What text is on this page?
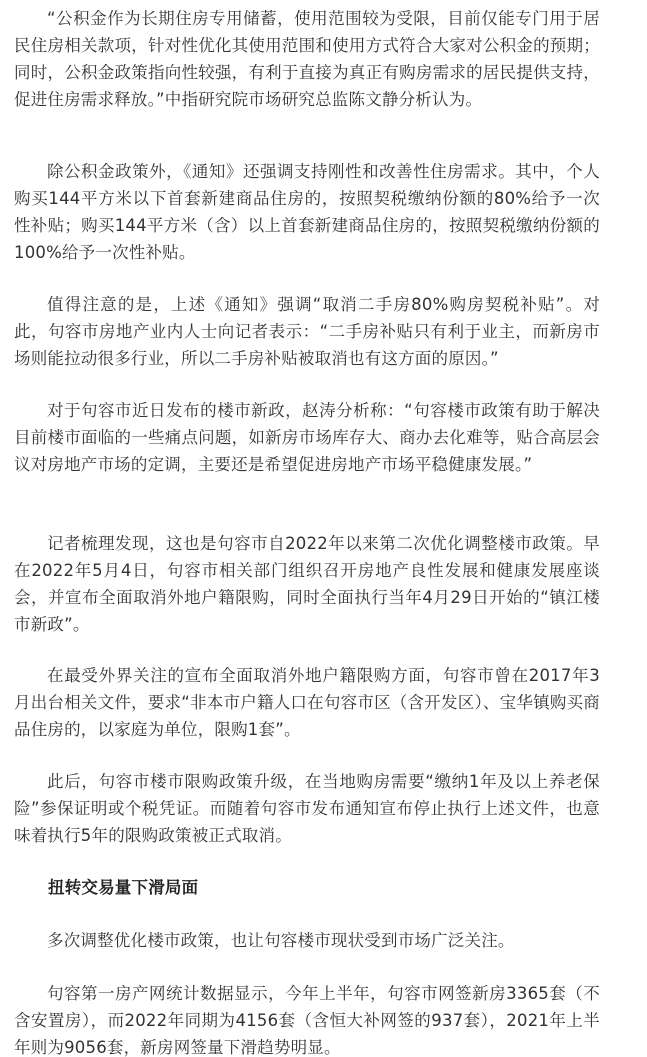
“公积金作为长期住房专用储蓄，使用范围较为受限，目前仅能专门用于居民住房相关款项，针对性优化其使用范围和使用方式符合大家对公积金的预期；同时，公积金政策指向性较强，有利于直接为真正有购房需求的居民提供支持，促进住房需求释放。”中指研究院市场研究总监陈文静分析认为。

除公积金政策外，《通知》还强调支持刚性和改善性住房需求。其中，个人购买144平方米以下首套新建商品住房的，按照契税缴纳份额的80%给予一次性补贴；购买144平方米（含）以上首套新建商品住房的，按照契税缴纳份额的100%给予一次性补贴。

值得注意的是，上述《通知》强调“取消二手房80%购房契税补贴”。对此，句容市房地产业内人士向记者表示：“二手房补贴只有利于业主，而新房市场则能拉动很多行业，所以二手房补贴被取消也有这方面的原因。”

对于句容市近日发布的楼市新政，赵涛分析称：“句容楼市政策有助于解决目前楼市面临的一些痛点问题，如新房市场库存大、商办去化难等，贴合高层会议对房地产市场的定调，主要还是希望促进房地产市场平稳健康发展。”

记者梳理发现，这也是句容市自2022年以来第二次优化调整楼市政策。早在2022年5月4日，句容市相关部门组织召开房地产良性发展和健康发展座谈会，并宣布全面取消外地户籍限购，同时全面执行当年4月29日开始的“镇江楼市新政”。

在最受外界关注的宣布全面取消外地户籍限购方面，句容市曾在2017年3月出台相关文件，要求“非本市户籍人口在句容市区（含开发区）、宝华镇购买商品住房的，以家庭为单位，限购1套”。

此后，句容市楼市限购政策升级，在当地购房需要“缴纳1年及以上养老保险”参保证明或个税凭证。而随着句容市发布通知宣布停止执行上述文件，也意味着执行5年的限购政策被正式取消。

扭转交易量下滑局面

多次调整优化楼市政策，也让句容楼市现状受到市场广泛关注。

句容第一房产网统计数据显示，今年上半年，句容市网签新房3365套（不含安置房），而2022年同期为4156套（含恒大补网签的937套），2021年上半年则为9056套，新房网签量下滑趋势明显。
